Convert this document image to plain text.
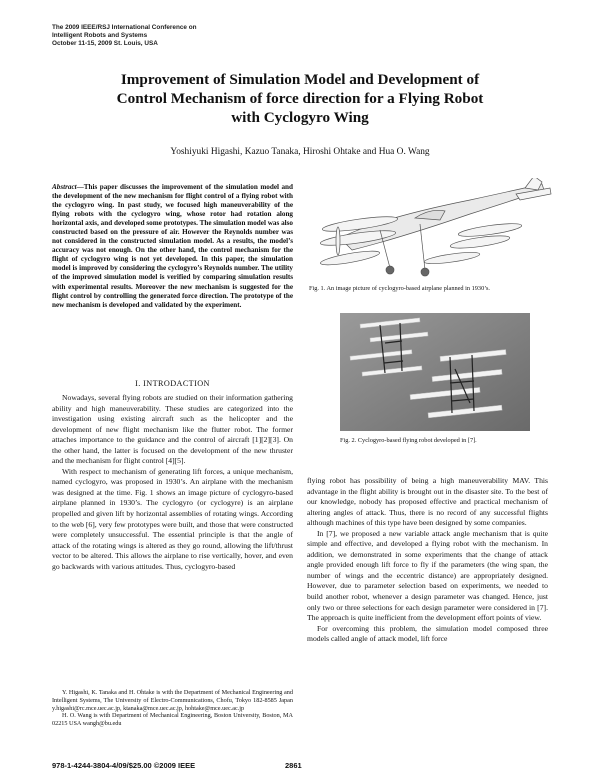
The 2009 IEEE/RSJ International Conference on
Intelligent Robots and Systems
October 11-15, 2009 St. Louis, USA
Improvement of Simulation Model and Development of
Control Mechanism of force direction for a Flying Robot
with Cyclogyro Wing
Yoshiyuki Higashi, Kazuo Tanaka, Hiroshi Ohtake and Hua O. Wang
Abstract—This paper discusses the improvement of the simulation model and the development of the new mechanism for flight control of a flying robot with the cyclogyro wing. In past study, we focused high maneuverability of the flying robots with the cyclogyro wing, whose rotor had rotation along horizontal axis, and developed some prototypes. The simulation model was also constructed based on the pressure of air. However the Reynolds number was not considered in the constructed simulation model. As a results, the model’s accuracy was not enough. On the other hand, the control mechanism for the flight of cyclogyro wing is not yet developed. In this paper, the simulation model is improved by considering the cyclogyro’s Reynolds number. The utility of the improved simulation model is verified by comparing simulation results with experimental results. Moreover the new mechanism is suggested for the flight control by controlling the generated force direction. The prototype of the new mechanism is developed and validated by the experiment.
I. INTRODACTION

Nowadays, several flying robots are studied on their information gathering ability and high maneuverability. These studies are categorized into the investigation using existing aircraft such as the helicopter and the development of new flight mechanism like the flutter robot. The former attaches importance to the guidance and the control of aircraft [1][2][3]. On the other hand, the latter is focused on the development of the new thruster and the mechanism for flight control [4][5].

With respect to mechanism of generating lift forces, a unique mechanism, named cyclogyro, was proposed in 1930’s. An airplane with the mechanism was designed at the time. Fig. 1 shows an image picture of cyclogyro-based airplane planned in 1930’s. The cyclogyro (or cyclogyre) is an airplane propelled and given lift by horizontal assemblies of rotating wings. According to the web [6], very few prototypes were built, and those that were constructed were completely unsuccessful. The essential principle is that the angle of attack of the rotating wings is altered as they go round, allowing the lift/thrust vector to be altered. This allows the airplane to rise vertically, hover, and even go backwards with various attitudes. Thus, cyclogyro-based

Y. Higashi, K. Tanaka and H. Ohtake is with the Department of Mechanical Engineering and Intelligent Systems, The University of Electro-Communications, Chofu, Tokyo 182-8585 Japan y.higashi@rc.mce.uec.ac.jp, ktanaka@mce.uec.ac.jp, hohtake@mce.uec.ac.jp

H. O. Wang is with Department of Mechanical Engineering, Boston University, Boston, MA 02215 USA wangh@bu.edu

Fig. 1. An image picture of cyclogyro-based airplane planned in 1930’s.
Fig. 2. Cyclogyro-based flying robot developed in [7].

flying robot has possibility of being a high maneuverability MAV. This advantage in the flight ability is brought out in the disaster site. To the best of our knowledge, nobody has proposed effective and practical mechanism of altering angles of attack. Thus, there is no record of any successful flights although machines of this type have been designed by some companies.

In [7], we proposed a new variable attack angle mechanism that is quite simple and effective, and developed a flying robot with the mechanism. In addition, we demonstrated in some experiments that the change of attack angle provided enough lift force to fly if the parameters (the wing span, the number of wings and the eccentric distance) are appropriately designed. However, due to parameter selection based on experiments, we needed to build another robot, whenever a design parameter was changed. Hence, just only two or three selections for each design parameter were considered in [7]. The approach is quite inefficient from the development effort points of view.

For overcoming this problem, the simulation model composed three models called angle of attack model, lift force

978-1-4244-3804-4/09/$25.00 ©2009 IEEE	2861
